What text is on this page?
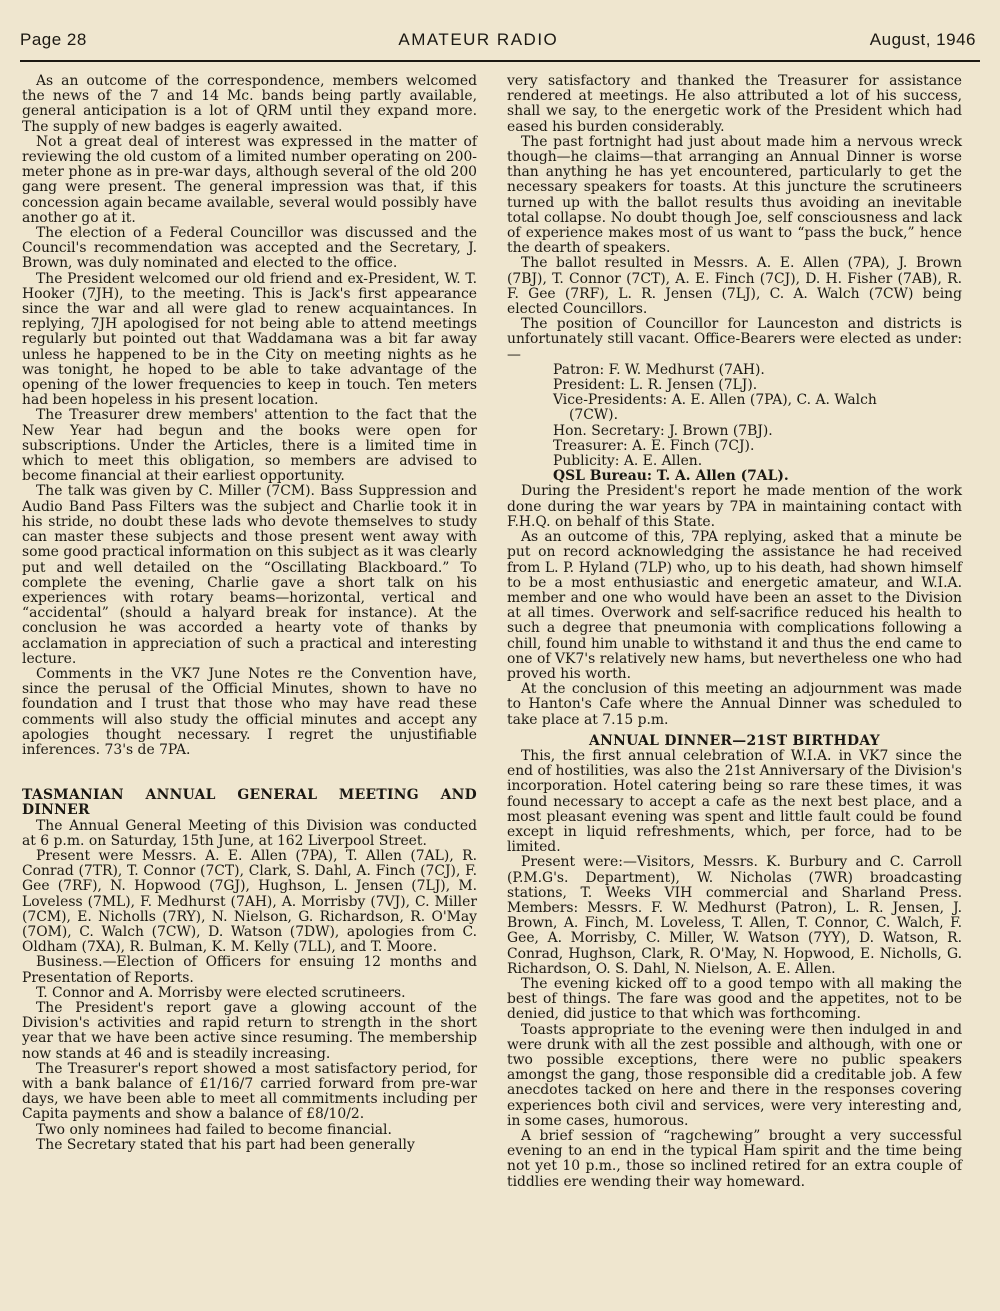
Page 28	AMATEUR RADIO	August, 1946

As an outcome of the correspondence, members welcomed the news of the 7 and 14 Mc. bands being partly available, general anticipation is a lot of QRM until they expand more. The supply of new badges is eagerly awaited.

Not a great deal of interest was expressed in the matter of reviewing the old custom of a limited number operating on 200-meter phone as in pre-war days, although several of the old 200 gang were present. The general impression was that, if this concession again became available, several would possibly have another go at it.

The election of a Federal Councillor was discussed and the Council's recommendation was accepted and the Secretary, J. Brown, was duly nominated and elected to the office.

The President welcomed our old friend and ex-President, W. T. Hooker (7JH), to the meeting. This is Jack's first appearance since the war and all were glad to renew acquaintances. In replying, 7JH apologised for not being able to attend meetings regularly but pointed out that Waddamana was a bit far away unless he happened to be in the City on meeting nights as he was tonight, he hoped to be able to take advantage of the opening of the lower frequencies to keep in touch. Ten meters had been hopeless in his present location.

The Treasurer drew members' attention to the fact that the New Year had begun and the books were open for subscriptions. Under the Articles, there is a limited time in which to meet this obligation, so members are advised to become financial at their earliest opportunity.

The talk was given by C. Miller (7CM). Bass Suppression and Audio Band Pass Filters was the subject and Charlie took it in his stride, no doubt these lads who devote themselves to study can master these subjects and those present went away with some good practical information on this subject as it was clearly put and well detailed on the “Oscillating Blackboard.” To complete the evening, Charlie gave a short talk on his experiences with rotary beams—horizontal, vertical and “accidental” (should a halyard break for instance). At the conclusion he was accorded a hearty vote of thanks by acclamation in appreciation of such a practical and interesting lecture.

Comments in the VK7 June Notes re the Convention have, since the perusal of the Official Minutes, shown to have no foundation and I trust that those who may have read these comments will also study the official minutes and accept any apologies thought necessary. I regret the unjustifiable inferences. 73's de 7PA.

TASMANIAN ANNUAL GENERAL MEETING AND DINNER

The Annual General Meeting of this Division was conducted at 6 p.m. on Saturday, 15th June, at 162 Liverpool Street.

Present were Messrs. A. E. Allen (7PA), T. Allen (7AL), R. Conrad (7TR), T. Connor (7CT), Clark, S. Dahl, A. Finch (7CJ), F. Gee (7RF), N. Hopwood (7GJ), Hughson, L. Jensen (7LJ), M. Loveless (7ML), F. Medhurst (7AH), A. Morrisby (7VJ), C. Miller (7CM), E. Nicholls (7RY), N. Nielson, G. Richardson, R. O'May (7OM), C. Walch (7CW), D. Watson (7DW), apologies from C. Oldham (7XA), R. Bulman, K. M. Kelly (7LL), and T. Moore.

Business.—Election of Officers for ensuing 12 months and Presentation of Reports.

T. Connor and A. Morrisby were elected scrutineers.

The President's report gave a glowing account of the Division's activities and rapid return to strength in the short year that we have been active since resuming. The membership now stands at 46 and is steadily increasing.

The Treasurer's report showed a most satisfactory period, for with a bank balance of £1/16/7 carried forward from pre-war days, we have been able to meet all commitments including per Capita payments and show a balance of £8/10/2.

Two only nominees had failed to become financial.

The Secretary stated that his part had been generally

very satisfactory and thanked the Treasurer for assistance rendered at meetings. He also attributed a lot of his success, shall we say, to the energetic work of the President which had eased his burden considerably.

The past fortnight had just about made him a nervous wreck though—he claims—that arranging an Annual Dinner is worse than anything he has yet encountered, particularly to get the necessary speakers for toasts. At this juncture the scrutineers turned up with the ballot results thus avoiding an inevitable total collapse. No doubt though Joe, self consciousness and lack of experience makes most of us want to “pass the buck,” hence the dearth of speakers.

The ballot resulted in Messrs. A. E. Allen (7PA), J. Brown (7BJ), T. Connor (7CT), A. E. Finch (7CJ), D. H. Fisher (7AB), R. F. Gee (7RF), L. R. Jensen (7LJ), C. A. Walch (7CW) being elected Councillors.

The position of Councillor for Launceston and districts is unfortunately still vacant. Office-Bearers were elected as under:—

Patron: F. W. Medhurst (7AH).
President: L. R. Jensen (7LJ).
Vice-Presidents: A. E. Allen (7PA), C. A. Walch
(7CW).
Hon. Secretary: J. Brown (7BJ).
Treasurer: A. E. Finch (7CJ).
Publicity: A. E. Allen.
QSL Bureau: T. A. Allen (7AL).

During the President's report he made mention of the work done during the war years by 7PA in maintaining contact with F.H.Q. on behalf of this State.

As an outcome of this, 7PA replying, asked that a minute be put on record acknowledging the assistance he had received from L. P. Hyland (7LP) who, up to his death, had shown himself to be a most enthusiastic and energetic amateur, and W.I.A. member and one who would have been an asset to the Division at all times. Overwork and self-sacrifice reduced his health to such a degree that pneumonia with complications following a chill, found him unable to withstand it and thus the end came to one of VK7's relatively new hams, but nevertheless one who had proved his worth.

At the conclusion of this meeting an adjournment was made to Hanton's Cafe where the Annual Dinner was scheduled to take place at 7.15 p.m.

ANNUAL DINNER—21ST BIRTHDAY

This, the first annual celebration of W.I.A. in VK7 since the end of hostilities, was also the 21st Anniversary of the Division's incorporation. Hotel catering being so rare these times, it was found necessary to accept a cafe as the next best place, and a most pleasant evening was spent and little fault could be found except in liquid refreshments, which, per force, had to be limited.

Present were:—Visitors, Messrs. K. Burbury and C. Carroll (P.M.G's. Department), W. Nicholas (7WR) broadcasting stations, T. Weeks VIH commercial and Sharland Press. Members: Messrs. F. W. Medhurst (Patron), L. R. Jensen, J. Brown, A. Finch, M. Loveless, T. Allen, T. Connor, C. Walch, F. Gee, A. Morrisby, C. Miller, W. Watson (7YY), D. Watson, R. Conrad, Hughson, Clark, R. O'May, N. Hopwood, E. Nicholls, G. Richardson, O. S. Dahl, N. Nielson, A. E. Allen.

The evening kicked off to a good tempo with all making the best of things. The fare was good and the appetites, not to be denied, did justice to that which was forthcoming.

Toasts appropriate to the evening were then indulged in and were drunk with all the zest possible and although, with one or two possible exceptions, there were no public speakers amongst the gang, those responsible did a creditable job. A few anecdotes tacked on here and there in the responses covering experiences both civil and services, were very interesting and, in some cases, humorous.

A brief session of “ragchewing” brought a very successful evening to an end in the typical Ham spirit and the time being not yet 10 p.m., those so inclined retired for an extra couple of tiddlies ere wending their way homeward.
